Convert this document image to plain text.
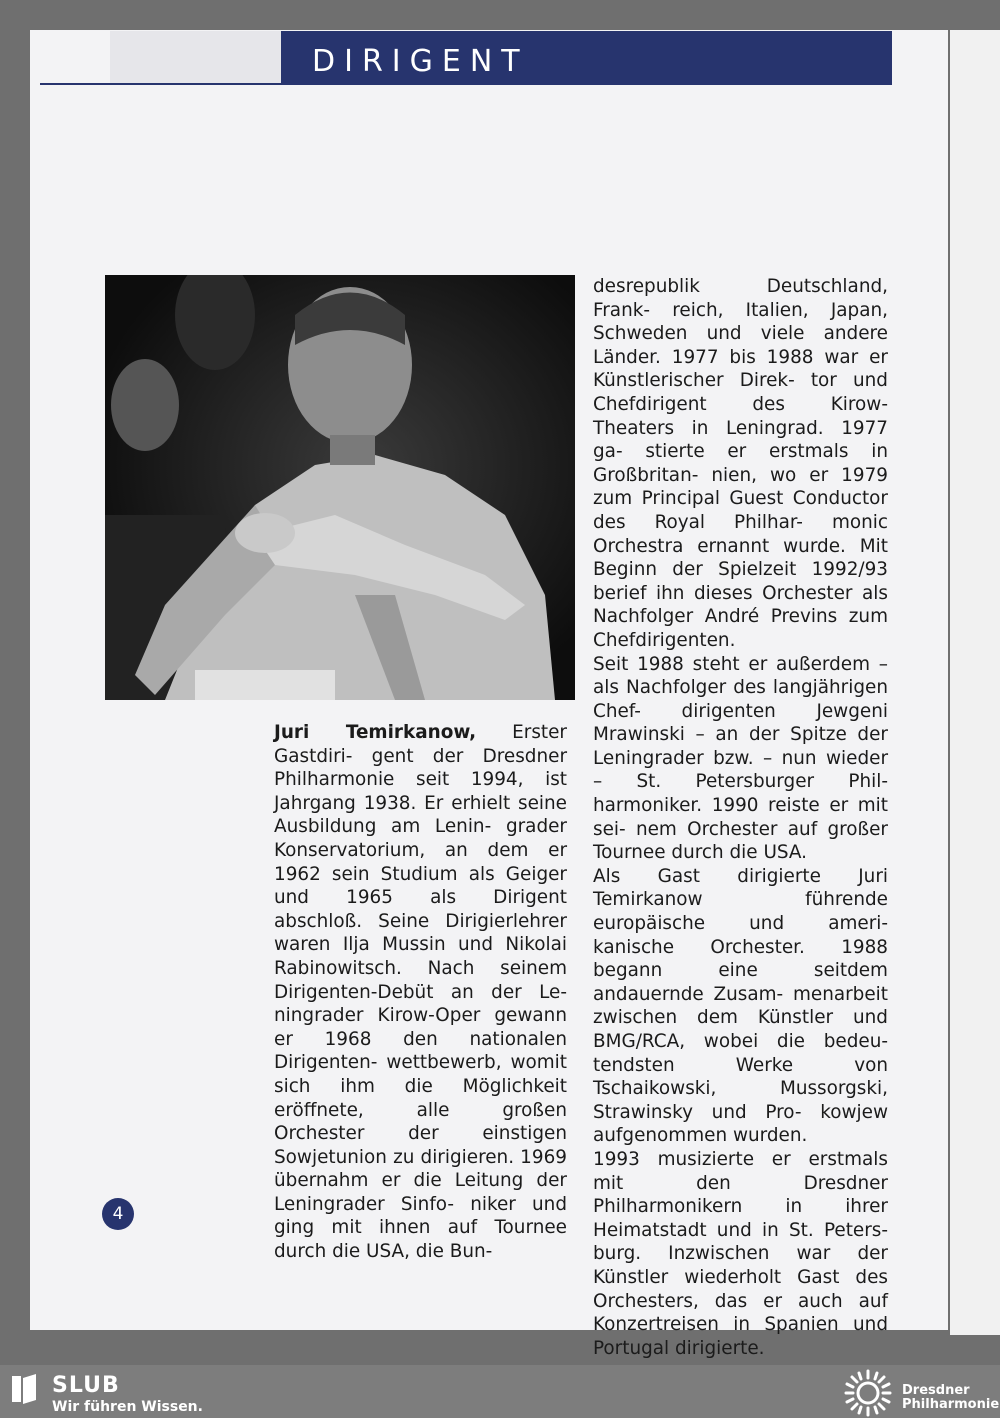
DIRIGENT

Juri Temirkanow, Erster Gastdiri- gent der Dresdner Philharmonie seit 1994, ist Jahrgang 1938. Er erhielt seine Ausbildung am Lenin- grader Konservatorium, an dem er 1962 sein Studium als Geiger und 1965 als Dirigent abschloß. Seine Dirigierlehrer waren Ilja Mussin und Nikolai Rabinowitsch. Nach seinem Dirigenten-Debüt an der Le- ningrader Kirow-Oper gewann er 1968 den nationalen Dirigenten- wettbewerb, womit sich ihm die Möglichkeit eröffnete, alle großen Orchester der einstigen Sowjetunion zu dirigieren. 1969 übernahm er die Leitung der Leningrader Sinfo- niker und ging mit ihnen auf Tournee durch die USA, die Bun-

desrepublik Deutschland, Frank- reich, Italien, Japan, Schweden und viele andere Länder. 1977 bis 1988 war er Künstlerischer Direk- tor und Chefdirigent des Kirow- Theaters in Leningrad. 1977 ga- stierte er erstmals in Großbritan- nien, wo er 1979 zum Principal Guest Conductor des Royal Philhar- monic Orchestra ernannt wurde. Mit Beginn der Spielzeit 1992/93 berief ihn dieses Orchester als Nachfolger André Previns zum Chefdirigenten.

Seit 1988 steht er außerdem – als Nachfolger des langjährigen Chef- dirigenten Jewgeni Mrawinski – an der Spitze der Leningrader bzw. – nun wieder – St. Petersburger Phil- harmoniker. 1990 reiste er mit sei- nem Orchester auf großer Tournee durch die USA.

Als Gast dirigierte Juri Temirkanow	führende europäische und ameri- kanische Orchester. 1988 begann	eine seitdem andauernde Zusam- menarbeit zwischen dem Künstler und BMG/RCA, wobei die bedeu- tendsten Werke von Tschaikowski,	Mussorgski, Strawinsky und Pro- kowjew aufgenommen wurden.

1993 musizierte er erstmals mit	den Dresdner Philharmonikern in ihrer Heimatstadt und in St. Peters- burg. Inzwischen war der Künstler wiederholt Gast des Orchesters, das er auch auf Konzertreisen in Spanien und Portugal dirigierte.

4
SLUB
Wir führen Wissen.
Dresdner
Philharmonie
